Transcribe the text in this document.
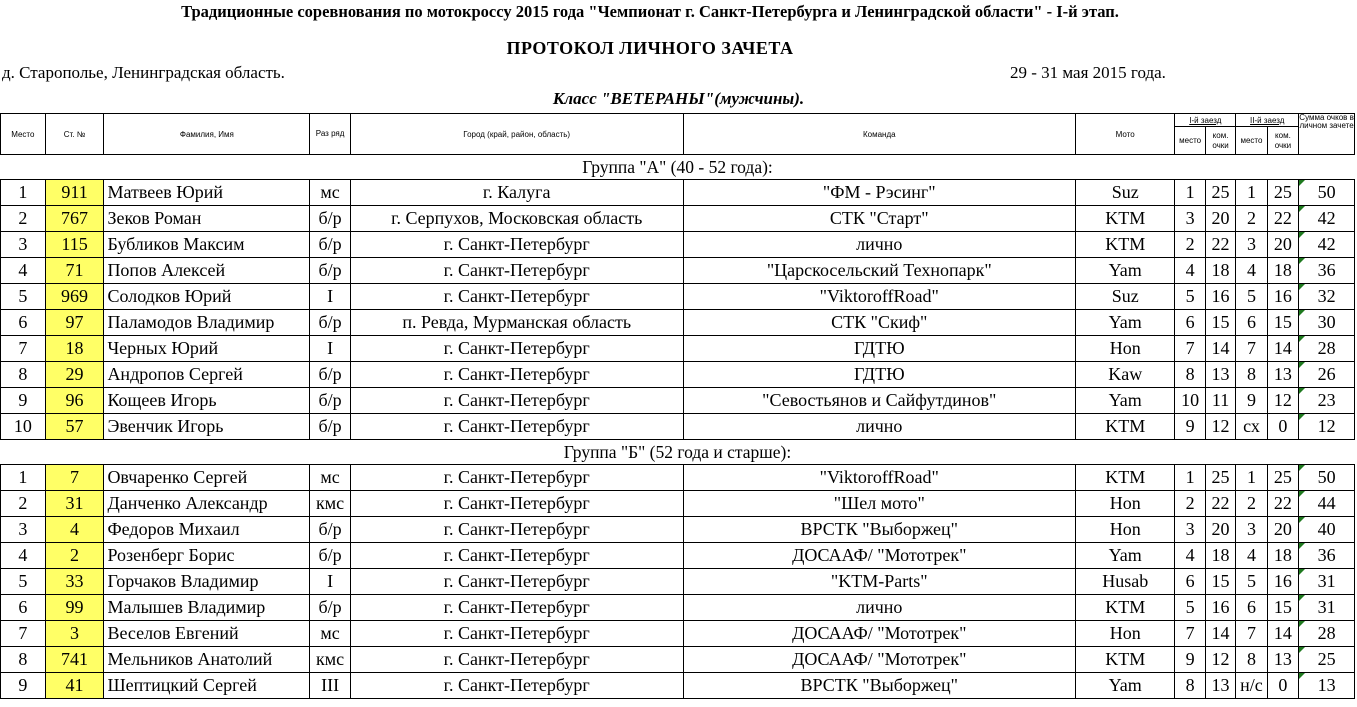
Традиционные соревнования по мотокроссу 2015 года "Чемпионат г. Санкт-Петербурга и Ленинградской области" - I-й этап.
ПРОТОКОЛ ЛИЧНОГО ЗАЧЕТА
д. Старополье, Ленинградская область.	29 - 31 мая 2015 года.
Класс "ВЕТЕРАНЫ"(мужчины).
Место	Ст. №	Фамилия, Имя	Раз ряд	Город (край, район, область)	Команда	Мото	I-й заезд		II-й заезд		Сумма очков в личном зачете
							место	ком. очки	место	ком. очки	
Группа "А" (40 - 52 года):											
1	911	Матвеев Юрий	мс	г. Калуга	"ФМ - Рэсинг"	Suz	1	25	1	25	50
2	767	Зеков Роман	б/р	г. Серпухов, Московская область	СТК "Старт"	KTM	3	20	2	22	42
3	115	Бубликов Максим	б/р	г. Санкт-Петербург	лично	KTM	2	22	3	20	42
4	71	Попов Алексей	б/р	г. Санкт-Петербург	"Царскосельский Технопарк"	Yam	4	18	4	18	36
5	969	Солодков Юрий	I	г. Санкт-Петербург	"ViktoroffRoad"	Suz	5	16	5	16	32
6	97	Паламодов Владимир	б/р	п. Ревда, Мурманская область	СТК "Скиф"	Yam	6	15	6	15	30
7	18	Черных Юрий	I	г. Санкт-Петербург	ГДТЮ	Hon	7	14	7	14	28
8	29	Андропов Сергей	б/р	г. Санкт-Петербург	ГДТЮ	Kaw	8	13	8	13	26
9	96	Кощеев Игорь	б/р	г. Санкт-Петербург	"Севостьянов и Сайфутдинов"	Yam	10	11	9	12	23
10	57	Эвенчик Игорь	б/р	г. Санкт-Петербург	лично	KTM	9	12	сх	0	12
Группа "Б" (52 года и старше):											
1	7	Овчаренко Сергей	мс	г. Санкт-Петербург	"ViktoroffRoad"	KTM	1	25	1	25	50
2	31	Данченко Александр	кмс	г. Санкт-Петербург	"Шел мото"	Hon	2	22	2	22	44
3	4	Федоров Михаил	б/р	г. Санкт-Петербург	ВРСТК "Выборжец"	Hon	3	20	3	20	40
4	2	Розенберг Борис	б/р	г. Санкт-Петербург	ДОСААФ/ "Мототрек"	Yam	4	18	4	18	36
5	33	Горчаков Владимир	I	г. Санкт-Петербург	"KTM-Parts"	Husab	6	15	5	16	31
6	99	Малышев Владимир	б/р	г. Санкт-Петербург	лично	KTM	5	16	6	15	31
7	3	Веселов Евгений	мс	г. Санкт-Петербург	ДОСААФ/ "Мототрек"	Hon	7	14	7	14	28
8	741	Мельников Анатолий	кмс	г. Санкт-Петербург	ДОСААФ/ "Мототрек"	KTM	9	12	8	13	25
9	41	Шептицкий Сергей	III	г. Санкт-Петербург	ВРСТК "Выборжец"	Yam	8	13	н/с	0	13
